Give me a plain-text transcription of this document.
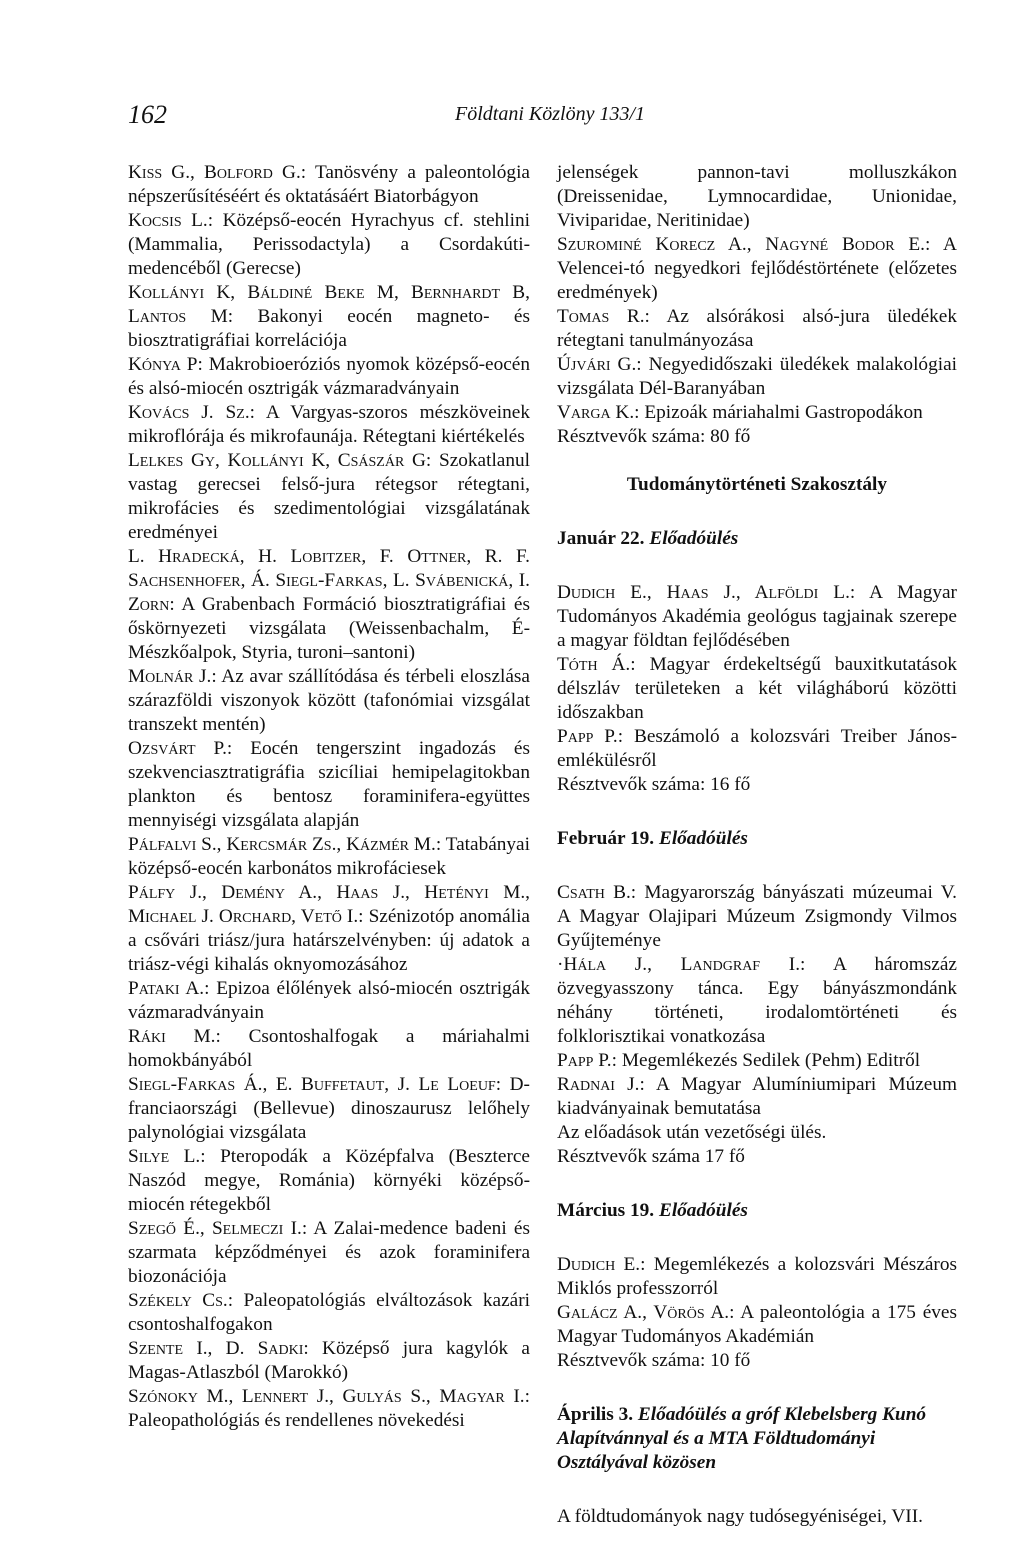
162	Földtani Közlöny 133/1
Kiss G., Bolford G.: Tanösvény a paleontológia népszerűsítéséért és oktatásáért Biatorbágyon
Kocsis L.: Középső-eocén Hyrachyus cf. stehlini (Mammalia, Perissodactyla) a Csordakúti-medencéből (Gerecse)
Kollányi K, Báldiné Beke M, Bernhardt B, Lantos M: Bakonyi eocén magneto- és biosztratigráfiai korrelációja
Kónya P: Makrobioeróziós nyomok középső-eocén és alsó-miocén osztrigák vázmaradványain
Kovács J. Sz.: A Vargyas-szoros mészköveinek mikroflórája és mikrofaunája. Rétegtani kiértékelés
Lelkes Gy, Kollányi K, Császár G: Szokatlanul vastag gerecsei felső-jura rétegsor rétegtani, mikrofácies és szedimentológiai vizsgálatának eredményei
L. Hradecká, H. Lobitzer, F. Ottner, R. F. Sachsenhofer, Á. Siegl-Farkas, L. Svábenická, I. Zorn: A Grabenbach Formáció biosztratigráfiai és őskörnyezeti vizsgálata (Weissenbachalm, É-Mészkőalpok, Styria, turoni–santoni)
Molnár J.: Az avar szállítódása és térbeli eloszlása szárazföldi viszonyok között (tafonómiai vizsgálat transzekt mentén)
Ozsvárt P.: Eocén tengerszint ingadozás és szekvenciasztratigráfia szicíliai hemipelagitokban plankton és bentosz foraminifera-együttes mennyiségi vizsgálata alapján
Pálfalvi S., Kercsmár Zs., Kázmér M.: Tatabányai középső-eocén karbonátos mikrofáciesek
Pálfy J., Demény A., Haas J., Hetényi M., Michael J. Orchard, Vető I.: Szénizotóp anomália a csővári triász/jura határszelvényben: új adatok a triász-végi kihalás oknyomozásához
Pataki A.: Epizoa élőlények alsó-miocén osztrigák vázmaradványain
Ráki M.: Csontoshalfogak a máriahalmi homokbányából
Siegl-Farkas Á., E. Buffetaut, J. Le Loeuf: D-franciaországi (Bellevue) dinoszaurusz lelőhely palynológiai vizsgálata
Silye L.: Pteropodák a Középfalva (Beszterce Naszód megye, Románia) környéki középső-miocén rétegekből
Szegő É., Selmeczi I.: A Zalai-medence badeni és szarmata képződményei és azok foraminifera biozonációja
Székely Cs.: Paleopatológiás elváltozások kazári csontoshalfogakon
Szente I., D. Sadki: Középső jura kagylók a Magas-Atlaszból (Marokkó)
Szónoky M., Lennert J., Gulyás S., Magyar I.: Paleopathológiás és rendellenes növekedési
jelenségek pannon-tavi molluszkákon (Dreissenidae, Lymnocardidae, Unionidae, Viviparidae, Neritinidae)
Szurominé Korecz A., Nagyné Bodor E.: A Velencei-tó negyedkori fejlődéstörténete (előzetes eredmények)
Tomas R.: Az alsórákosi alsó-jura üledékek rétegtani tanulmányozása
Újvári G.: Negyedidőszaki üledékek malakológiai vizsgálata Dél-Baranyában
Varga K.: Epizoák máriahalmi Gastropodákon
Résztvevők száma: 80 fő
Tudománytörténeti Szakosztály
Január 22. Előadóülés
Dudich E., Haas J., Alföldi L.: A Magyar Tudományos Akadémia geológus tagjainak szerepe a magyar földtan fejlődésében
Tóth Á.: Magyar érdekeltségű bauxitkutatások délszláv területeken a két világháború közötti időszakban
Papp P.: Beszámoló a kolozsvári Treiber János-emlékülésről
Résztvevők száma: 16 fő
Február 19. Előadóülés
Csath B.: Magyarország bányászati múzeumai V. A Magyar Olajipari Múzeum Zsigmondy Vilmos Gyűjteménye
·Hála J., Landgraf I.: A háromszáz özvegyasszony tánca. Egy bányászmondánk néhány történeti, irodalomtörténeti és folklorisztikai vonatkozása
Papp P.: Megemlékezés Sedilek (Pehm) Editről
Radnai J.: A Magyar Alumíniumipari Múzeum kiadványainak bemutatása
Az előadások után vezetőségi ülés.
Résztvevők száma 17 fő
Március 19. Előadóülés
Dudich E.: Megemlékezés a kolozsvári Mészáros Miklós professzorról
Galácz A., Vörös A.: A paleontológia a 175 éves Magyar Tudományos Akadémián
Résztvevők száma: 10 fő
Április 3. Előadóülés a gróf Klebelsberg Kunó Alapítvánnyal és a MTA Földtudományi Osztályával közösen
A földtudományok nagy tudósegyéniségei, VII.
